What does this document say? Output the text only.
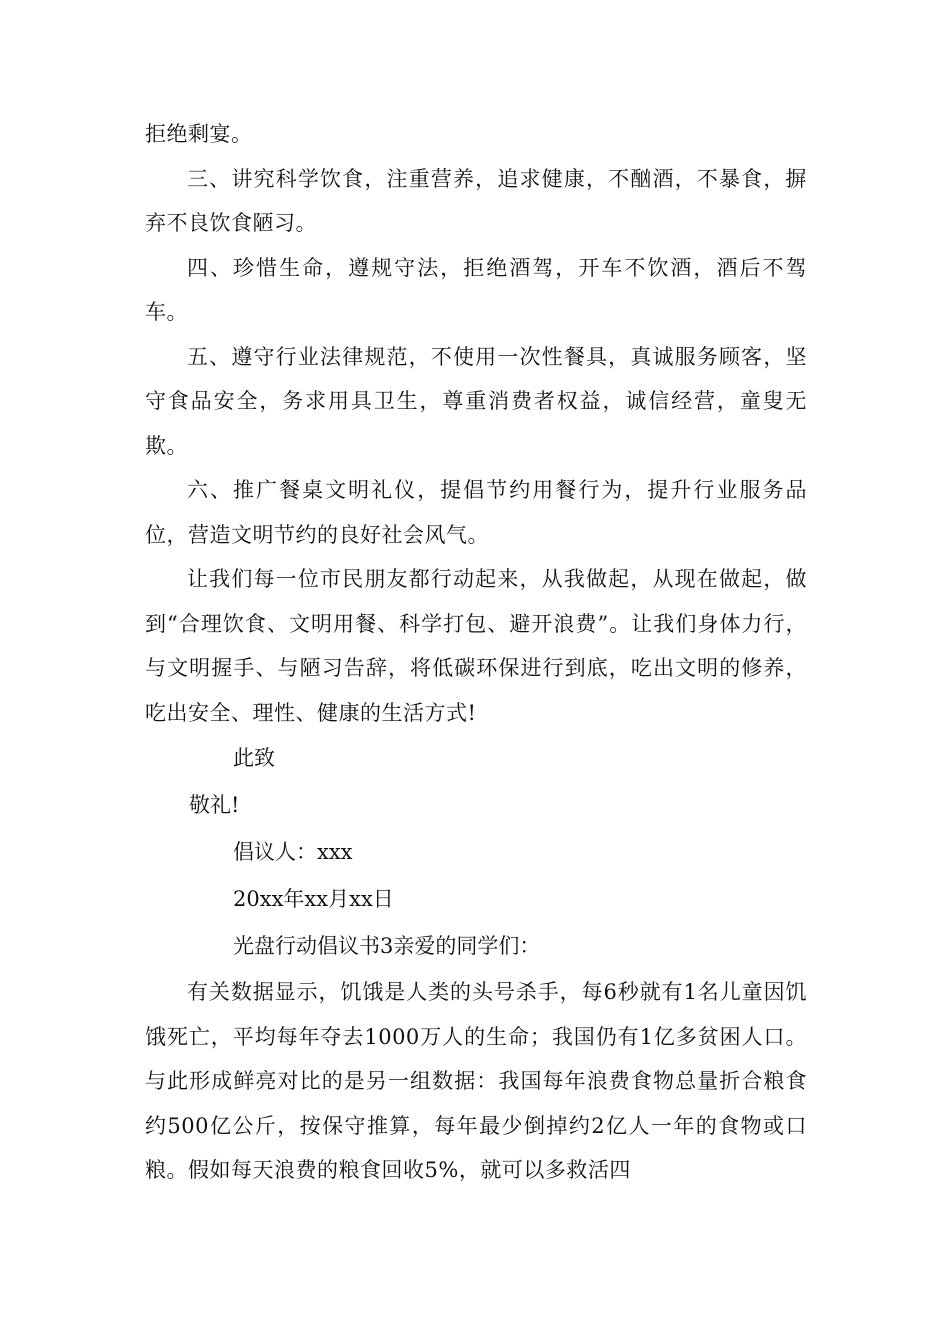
拒绝剩宴。

三、讲究科学饮食，注重营养，追求健康，不酗酒，不暴食，摒弃不良饮食陋习。

四、珍惜生命，遵规守法，拒绝酒驾，开车不饮酒，酒后不驾车。

五、遵守行业法律规范，不使用一次性餐具，真诚服务顾客，坚守食品安全，务求用具卫生，尊重消费者权益，诚信经营，童叟无欺。

六、推广餐桌文明礼仪，提倡节约用餐行为，提升行业服务品位，营造文明节约的良好社会风气。

让我们每一位市民朋友都行动起来，从我做起，从现在做起，做到“合理饮食、文明用餐、科学打包、避开浪费”。让我们身体力行，与文明握手、与陋习告辞，将低碳环保进行到底，吃出文明的修养，吃出安全、理性、健康的生活方式!

此致

敬礼!

倡议人：xxx

20xx年xx月xx日

光盘行动倡议书3亲爱的同学们：

有关数据显示，饥饿是人类的头号杀手，每6秒就有1名儿童因饥饿死亡，平均每年夺去1000万人的生命；我国仍有1亿多贫困人口。与此形成鲜亮对比的是另一组数据：我国每年浪费食物总量折合粮食约500亿公斤，按保守推算，每年最少倒掉约2亿人一年的食物或口粮。假如每天浪费的粮食回收5%，就可以多救活四
